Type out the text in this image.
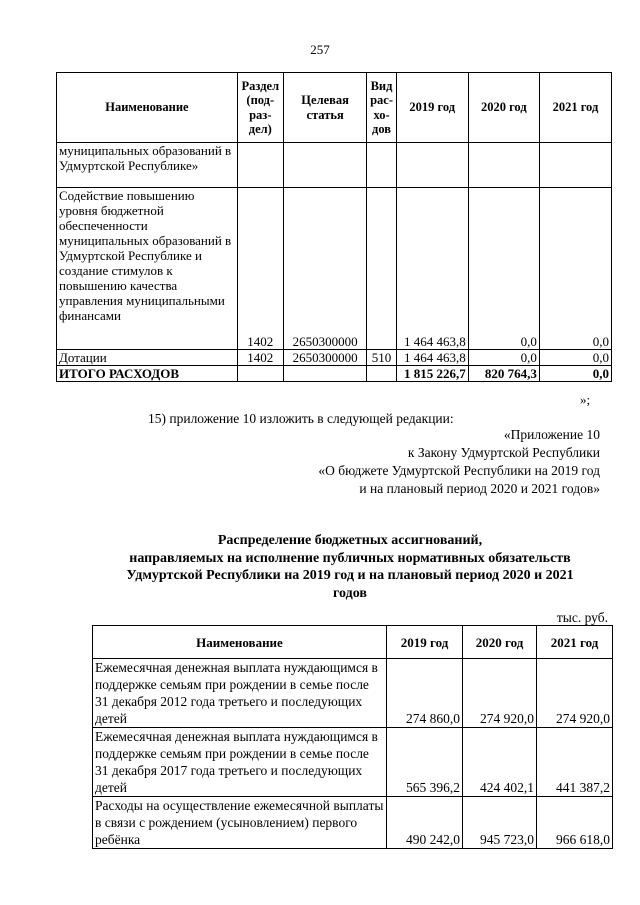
257
Наименование	Раздел (под-раз-дел)	Целевая статья	Вид рас-хо-дов	2019 год	2020 год	2021 год
муниципальных образований в Удмуртской Республике»						
Содействие повышению уровня бюджетной обеспеченности муниципальных образований в Удмуртской Республике и создание стимулов к повышению качества управления муниципальными финансами	1402	2650300000		1 464 463,8	0,0	0,0
Дотации	1402	2650300000	510	1 464 463,8	0,0	0,0
ИТОГО РАСХОДОВ				1 815 226,7	820 764,3	0,0
»;
15) приложение 10 изложить в следующей редакции:
«Приложение 10
к Закону Удмуртской Республики
«О бюджете Удмуртской Республики на 2019 год
и на плановый период 2020 и 2021 годов»
Распределение бюджетных ассигнований,
направляемых на исполнение публичных нормативных обязательств
Удмуртской Республики на 2019 год и на плановый период 2020 и 2021
годов
тыс. руб.
Наименование	2019 год	2020 год	2021 год
Ежемесячная денежная выплата нуждающимся в поддержке семьям при рождении в семье после 31 декабря 2012 года третьего и последующих детей	274 860,0	274 920,0	274 920,0
Ежемесячная денежная выплата нуждающимся в поддержке семьям при рождении в семье после 31 декабря 2017 года третьего и последующих детей	565 396,2	424 402,1	441 387,2
Расходы на осуществление ежемесячной выплаты в связи с рождением (усыновлением) первого ребёнка	490 242,0	945 723,0	966 618,0
